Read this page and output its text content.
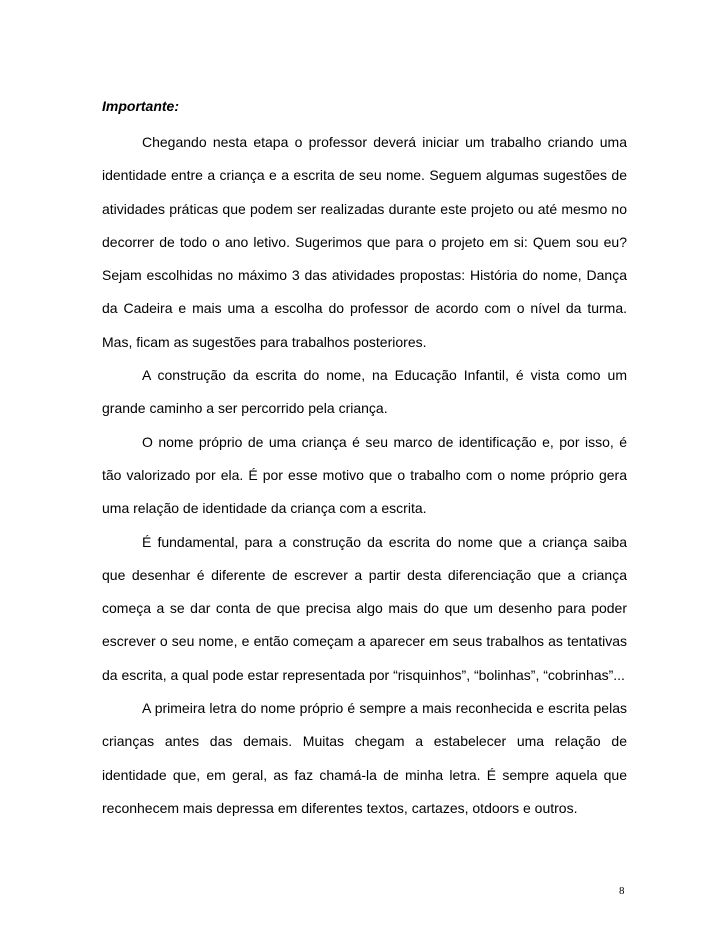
Importante:

Chegando nesta etapa o professor deverá iniciar um trabalho criando uma identidade entre a criança e a escrita de seu nome. Seguem algumas sugestões de atividades práticas que podem ser realizadas durante este projeto ou até mesmo no decorrer de todo o ano letivo. Sugerimos que para o projeto em si: Quem sou eu? Sejam escolhidas no máximo 3 das atividades propostas: História do nome, Dança da Cadeira e mais uma a escolha do professor de acordo com o nível da turma. Mas, ficam as sugestões para trabalhos posteriores.

A construção da escrita do nome, na Educação Infantil, é vista como um grande caminho a ser percorrido pela criança.

O nome próprio de uma criança é seu marco de identificação e, por isso, é tão valorizado por ela. É por esse motivo que o trabalho com o nome próprio gera uma relação de identidade da criança com a escrita.

É fundamental, para a construção da escrita do nome que a criança saiba que desenhar é diferente de escrever a partir desta diferenciação que a criança começa a se dar conta de que precisa algo mais do que um desenho para poder escrever o seu nome, e então começam a aparecer em seus trabalhos as tentativas da escrita, a qual pode estar representada por “risquinhos”, “bolinhas”, “cobrinhas”...

A primeira letra do nome próprio é sempre a mais reconhecida e escrita pelas crianças antes das demais. Muitas chegam a estabelecer uma relação de identidade que, em geral, as faz chamá-la de minha letra. É sempre aquela que reconhecem mais depressa em diferentes textos, cartazes, otdoors e outros.

8
